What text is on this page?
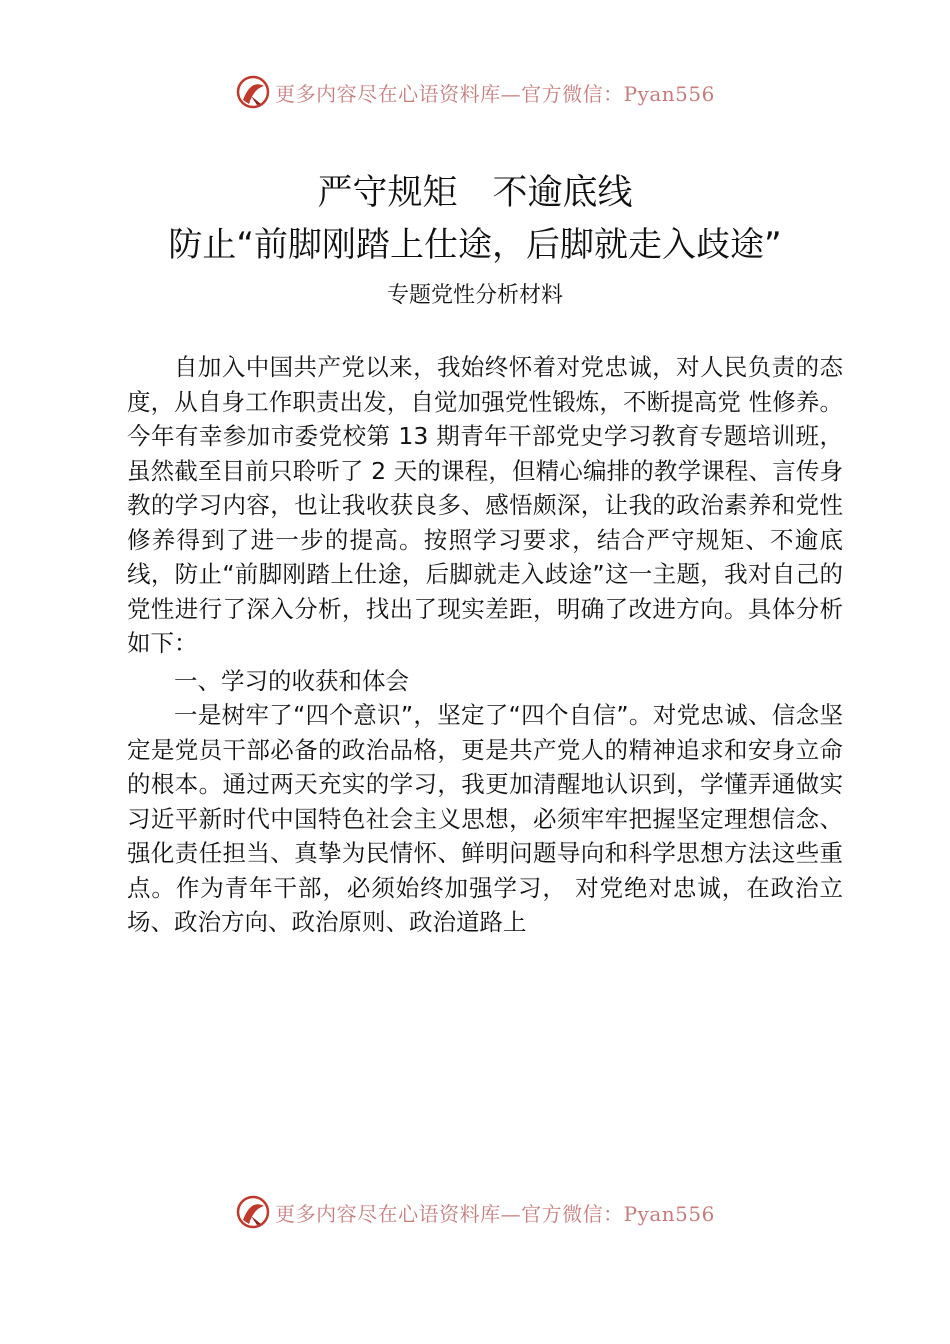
更多内容尽在心语资料库—官方微信：Pyan556
严守规矩　不逾底线
防止“前脚刚踏上仕途，后脚就走入歧途”
专题党性分析材料

自加入中国共产党以来，我始终怀着对党忠诚，对人民负责的态度，从自身工作职责出发，自觉加强党性锻炼，不断提高党 性修养。今年有幸参加市委党校第 13 期青年干部党史学习教育专题培训班，虽然截至目前只聆听了 2 天的课程，但精心编排的教学课程、言传身教的学习内容，也让我收获良多、感悟颇深，让我的政治素养和党性修养得到了进一步的提高。按照学习要求，结合严守规矩、不逾底线，防止“前脚刚踏上仕途，后脚就走入歧途”这一主题，我对自己的党性进行了深入分析，找出了现实差距，明确了改进方向。具体分析如下：

一、学习的收获和体会

一是树牢了“四个意识”，坚定了“四个自信”。对党忠诚、信念坚定是党员干部必备的政治品格，更是共产党人的精神追求和安身立命的根本。通过两天充实的学习，我更加清醒地认识到，学懂弄通做实习近平新时代中国特色社会主义思想，必须牢牢把握坚定理想信念、强化责任担当、真挚为民情怀、鲜明问题导向和科学思想方法这些重点。作为青年干部，必须始终加强学习， 对党绝对忠诚，在政治立场、政治方向、政治原则、政治道路上

更多内容尽在心语资料库—官方微信：Pyan556
